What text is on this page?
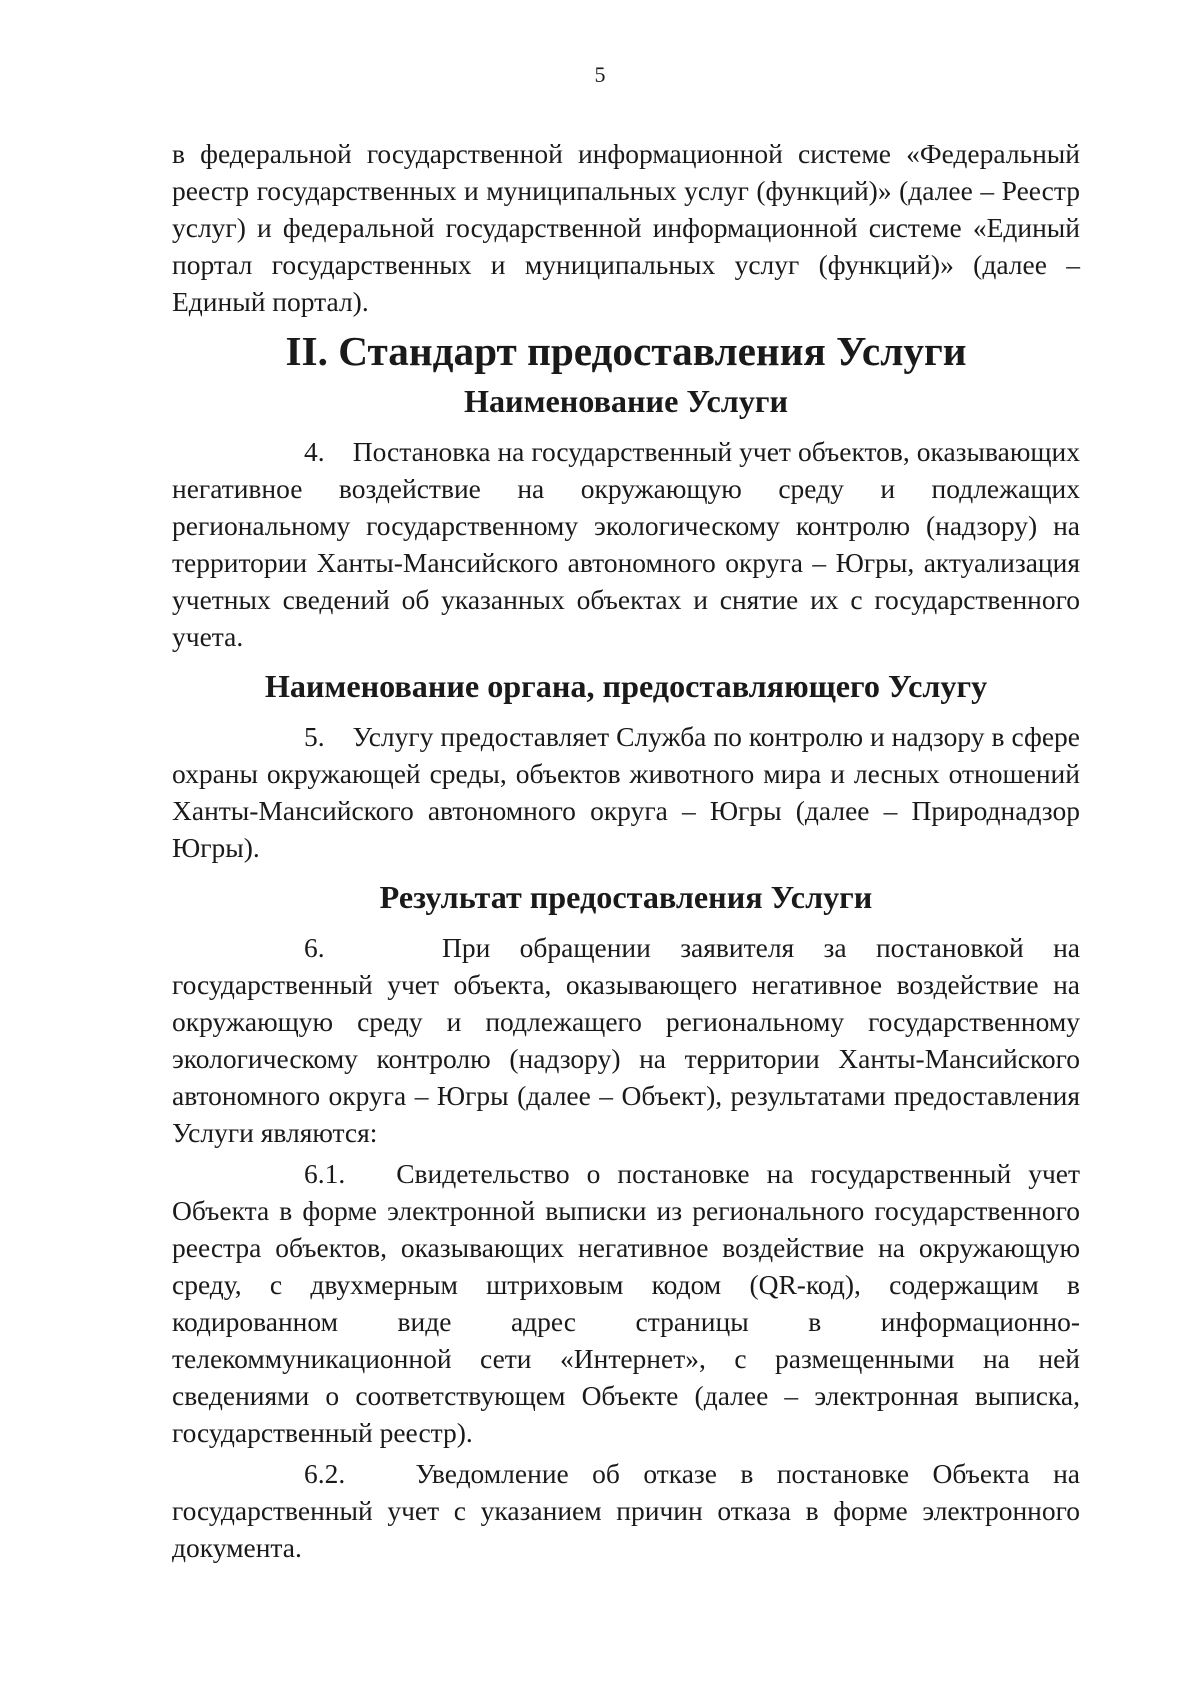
5

в федеральной государственной информационной системе «Федеральный реестр государственных и муниципальных услуг (функций)» (далее – Реестр услуг) и федеральной государственной информационной системе «Единый портал государственных и муниципальных услуг (функций)» (далее – Единый портал).

II. Стандарт предоставления Услуги
Наименование Услуги

4. Постановка на государственный учет объектов, оказывающих негативное воздействие на окружающую среду и подлежащих региональному государственному экологическому контролю (надзору) на территории Ханты-Мансийского автономного округа – Югры, актуализация учетных сведений об указанных объектах и снятие их с государственного учета.

Наименование органа, предоставляющего Услугу

5. Услугу предоставляет Служба по контролю и надзору в сфере охраны окружающей среды, объектов животного мира и лесных отношений Ханты-Мансийского автономного округа – Югры (далее – Природнадзор Югры).

Результат предоставления Услуги

6.	При обращении заявителя за постановкой на государственный учет объекта, оказывающего негативное воздействие на окружающую среду и подлежащего региональному государственному экологическому контролю (надзору) на территории Ханты-Мансийского автономного округа – Югры (далее – Объект), результатами предоставления Услуги являются:

6.1. Свидетельство о постановке на государственный учет Объекта в форме электронной выписки из регионального государственного реестра объектов, оказывающих негативное воздействие на окружающую среду, с двухмерным штриховым кодом (QR-код), содержащим в кодированном виде адрес страницы в информационно-телекоммуникационной сети «Интернет», с размещенными на ней сведениями о соответствующем Объекте (далее – электронная выписка, государственный реестр).

6.2.	Уведомление об отказе в постановке Объекта на государственный учет с указанием причин отказа в форме электронного документа.
